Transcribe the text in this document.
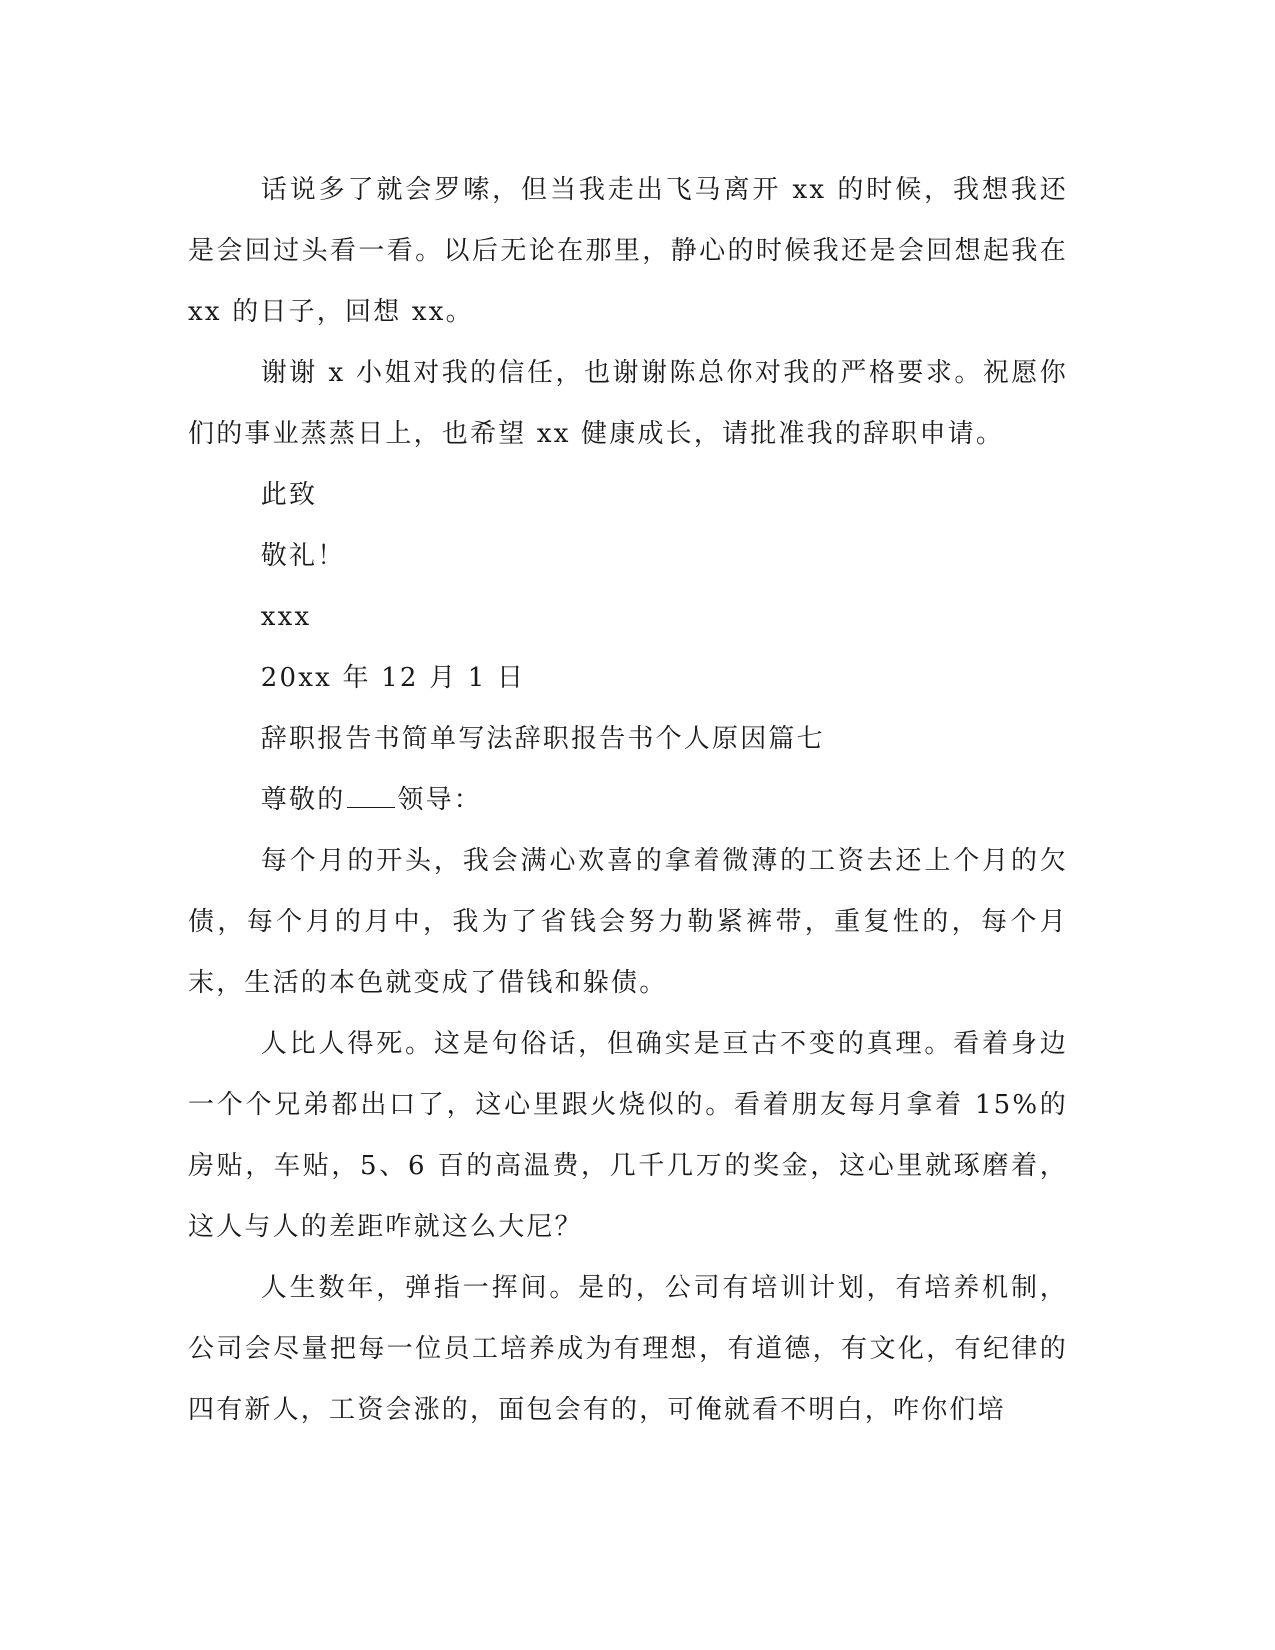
话说多了就会罗嗦，但当我走出飞马离开 xx 的时候，我想我还是会回过头看一看。以后无论在那里，静心的时候我还是会回想起我在 xx 的日子，回想 xx。

谢谢 x 小姐对我的信任，也谢谢陈总你对我的严格要求。祝愿你们的事业蒸蒸日上，也希望 xx 健康成长，请批准我的辞职申请。

此致

敬礼！

xxx

20xx 年 12 月 1 日

辞职报告书简单写法辞职报告书个人原因篇七

尊敬的 领导：

每个月的开头，我会满心欢喜的拿着微薄的工资去还上个月的欠债，每个月的月中，我为了省钱会努力勒紧裤带，重复性的，每个月末，生活的本色就变成了借钱和躲债。

人比人得死。这是句俗话，但确实是亘古不变的真理。看着身边一个个兄弟都出口了，这心里跟火烧似的。看着朋友每月拿着 15%的房贴，车贴，5、6 百的高温费，几千几万的奖金，这心里就琢磨着，这人与人的差距咋就这么大尼？

人生数年，弹指一挥间。是的，公司有培训计划，有培养机制，公司会尽量把每一位员工培养成为有理想，有道德，有文化，有纪律的四有新人，工资会涨的，面包会有的，可俺就看不明白，咋你们培
